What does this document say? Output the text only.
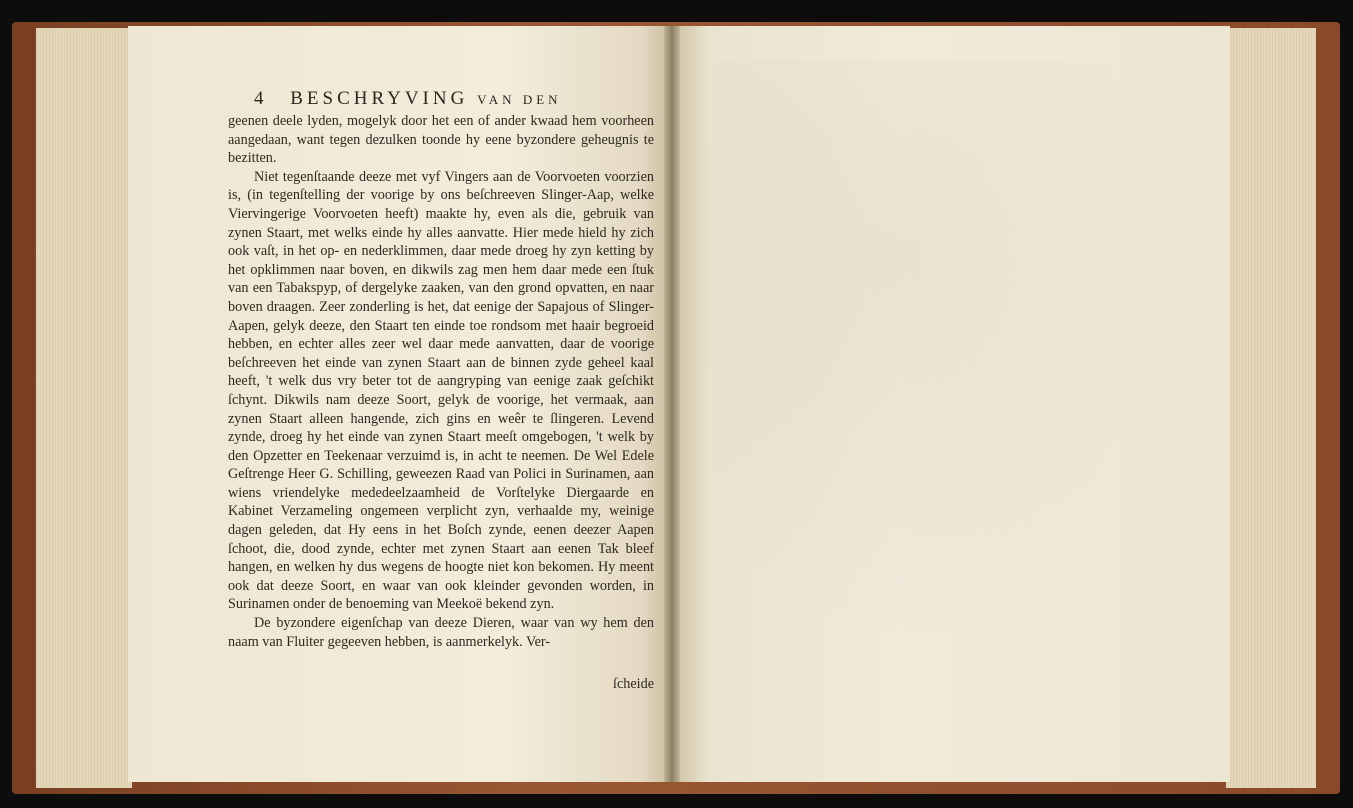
4 BESCHRYVING VAN DEN

geenen deele lyden, mogelyk door het een of ander kwaad hem voorheen aangedaan, want tegen dezulken toonde hy eene byzondere geheugnis te bezitten.

Niet tegenſtaande deeze met vyf Vingers aan de Voorvoeten voorzien is, (in tegenſtelling der voorige by ons beſchreeven Slinger-Aap, welke Viervingerige Voorvoeten heeft) maakte hy, even als die, gebruik van zynen Staart, met welks einde hy alles aanvatte. Hier mede hield hy zich ook vaſt, in het op- en nederklimmen, daar mede droeg hy zyn ketting by het opklimmen naar boven, en dikwils zag men hem daar mede een ſtuk van een Tabakspyp, of dergelyke zaaken, van den grond opvatten, en naar boven draagen. Zeer zonderling is het, dat eenige der Sapajous of Slinger-Aapen, gelyk deeze, den Staart ten einde toe rondsom met haair begroeid hebben, en echter alles zeer wel daar mede aanvatten, daar de voorige beſchreeven het einde van zynen Staart aan de binnen zyde geheel kaal heeft, 't welk dus vry beter tot de aangryping van eenige zaak geſchikt ſchynt. Dikwils nam deeze Soort, gelyk de voorige, het vermaak, aan zynen Staart alleen hangende, zich gins en weêr te ſlingeren. Levend zynde, droeg hy het einde van zynen Staart meeſt omgebogen, 't welk by den Opzetter en Teekenaar verzuimd is, in acht te neemen. De Wel Edele Geſtrenge Heer G. Schilling, geweezen Raad van Polici in Surinamen, aan wiens vriendelyke mededeelzaamheid de Vorſtelyke Diergaarde en Kabinet Verzameling ongemeen verplicht zyn, verhaalde my, weinige dagen geleden, dat Hy eens in het Boſch zynde, eenen deezer Aapen ſchoot, die, dood zynde, echter met zynen Staart aan eenen Tak bleef hangen, en welken hy dus wegens de hoogte niet kon bekomen. Hy meent ook dat deeze Soort, en waar van ook kleinder gevonden worden, in Surinamen onder de benoeming van Meekoë bekend zyn.

De byzondere eigenſchap van deeze Dieren, waar van wy hem den naam van Fluiter gegeeven hebben, is aanmerkelyk. Ver-

ſcheide
